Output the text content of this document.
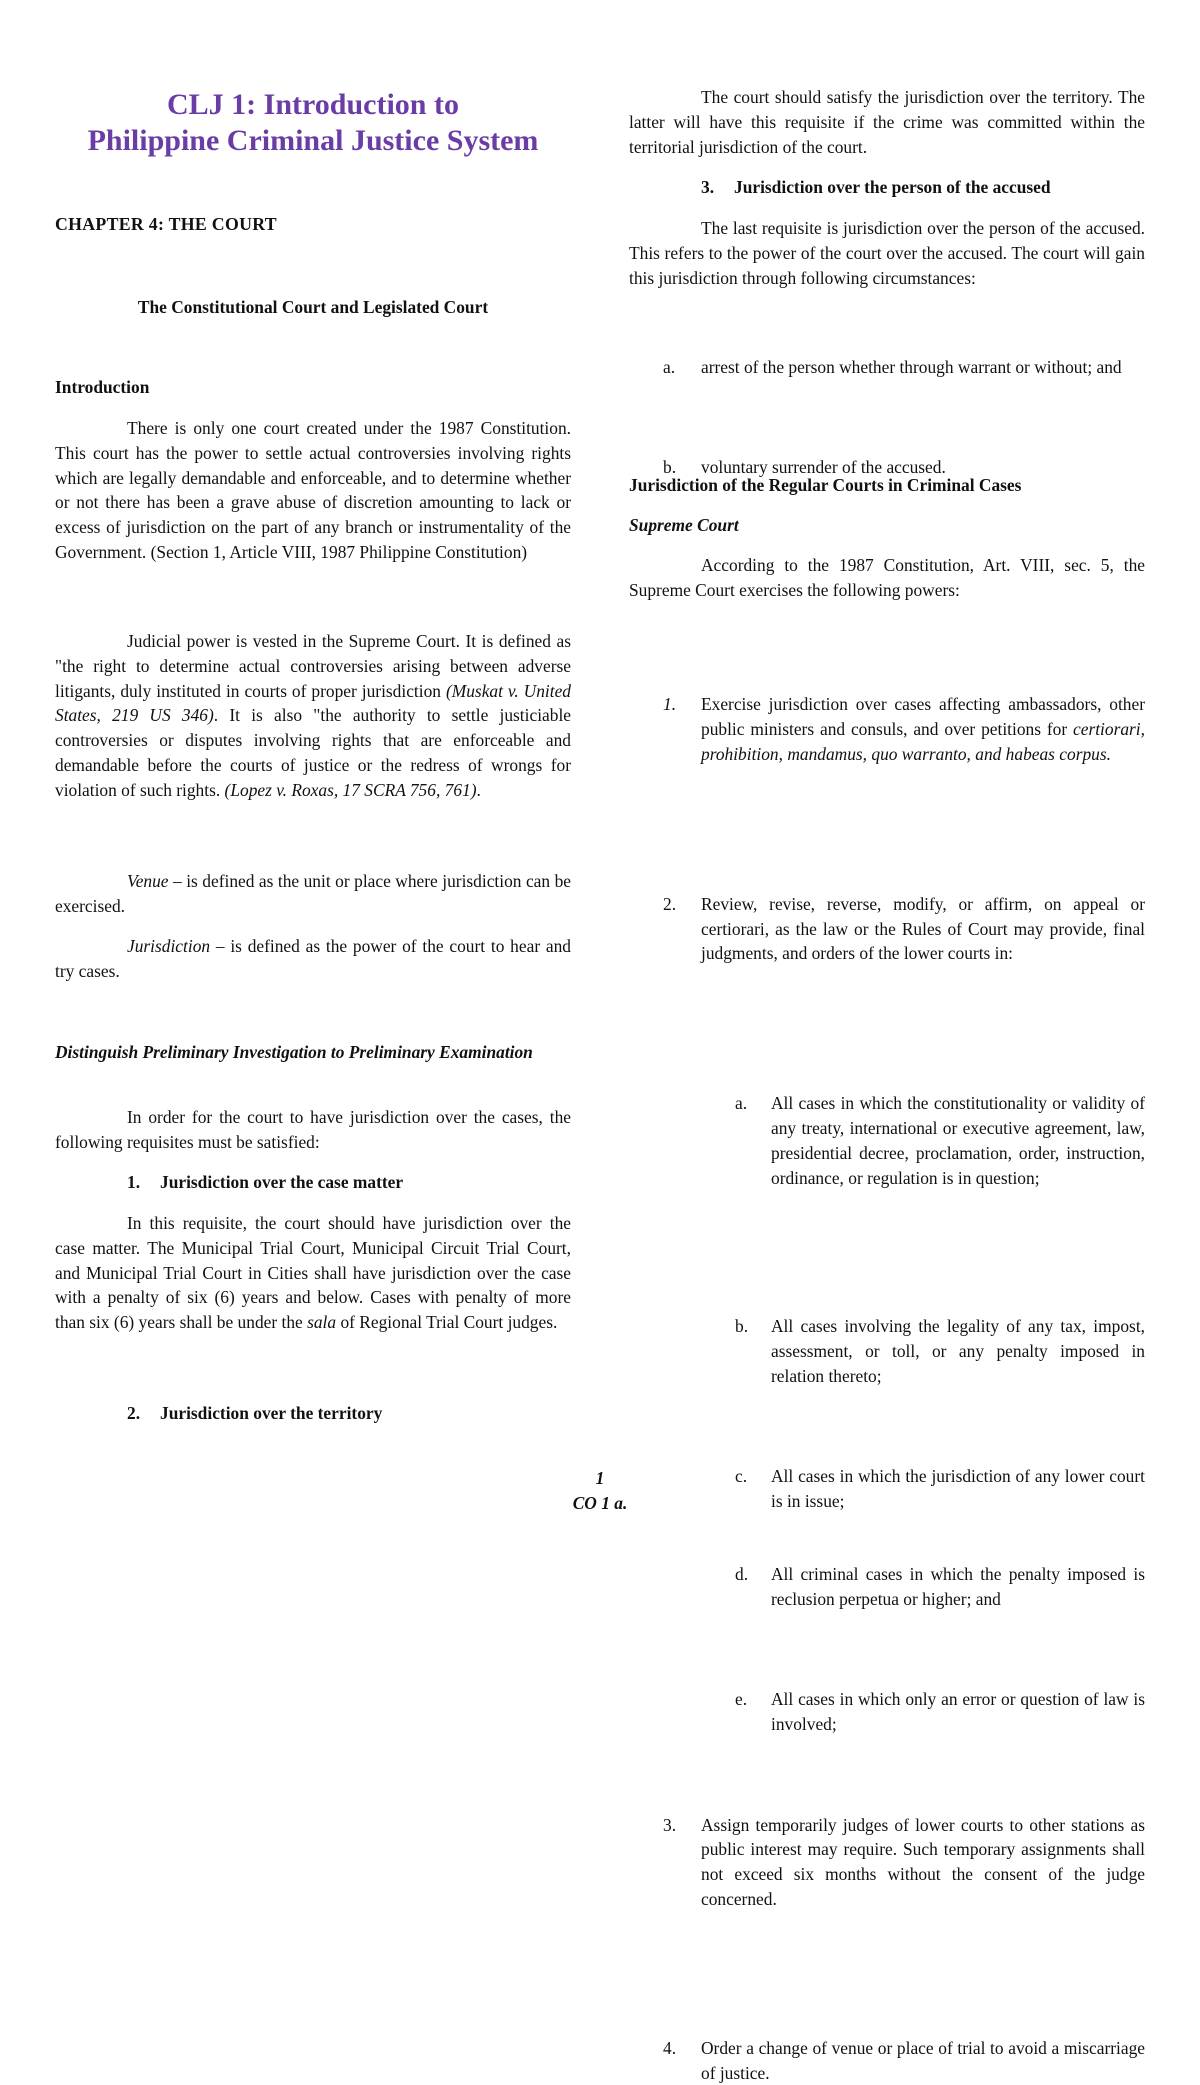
CLJ 1: Introduction to
Philippine Criminal Justice System
CHAPTER 4: THE COURT
The Constitutional Court and Legislated Court
Introduction

There is only one court created under the 1987 Constitution. This court has the power to settle actual controversies involving rights which are legally demandable and enforceable, and to determine whether or not there has been a grave abuse of discretion amounting to lack or excess of jurisdiction on the part of any branch or instrumentality of the Government. (Section 1, Article VIII, 1987 Philippine Constitution)

Judicial power is vested in the Supreme Court. It is defined as "the right to determine actual controversies arising between adverse litigants, duly instituted in courts of proper jurisdiction (Muskat v. United States, 219 US 346). It is also "the authority to settle justiciable controversies or disputes involving rights that are enforceable and demandable before the courts of justice or the redress of wrongs for violation of such rights. (Lopez v. Roxas, 17 SCRA 756, 761).

Venue – is defined as the unit or place where jurisdiction can be exercised.

Jurisdiction – is defined as the power of the court to hear and try cases.

Distinguish Preliminary Investigation to Preliminary Examination

In order for the court to have jurisdiction over the cases, the following requisites must be satisfied:

1. Jurisdiction over the case matter

In this requisite, the court should have jurisdiction over the case matter. The Municipal Trial Court, Municipal Circuit Trial Court, and Municipal Trial Court in Cities shall have jurisdiction over the case with a penalty of six (6) years and below. Cases with penalty of more than six (6) years shall be under the sala of Regional Trial Court judges.

2. Jurisdiction over the territory

The court should satisfy the jurisdiction over the territory. The latter will have this requisite if the crime was committed within the territorial jurisdiction of the court.

3. Jurisdiction over the person of the accused

The last requisite is jurisdiction over the person of the accused. This refers to the power of the court over the accused. The court will gain this jurisdiction through following circumstances:

a. arrest of the person whether through warrant or without; and
b. voluntary surrender of the accused.
Jurisdiction of the Regular Courts in Criminal Cases

Supreme Court

According to the 1987 Constitution, Art. VIII, sec. 5, the Supreme Court exercises the following powers:

1. Exercise jurisdiction over cases affecting ambassadors, other public ministers and consuls, and over petitions for certiorari, prohibition, mandamus, quo warranto, and habeas corpus.
2. Review, revise, reverse, modify, or affirm, on appeal or certiorari, as the law or the Rules of Court may provide, final judgments, and orders of the lower courts in:
a. All cases in which the constitutionality or validity of any treaty, international or executive agreement, law, presidential decree, proclamation, order, instruction, ordinance, or regulation is in question;
b. All cases involving the legality of any tax, impost, assessment, or toll, or any penalty imposed in relation thereto;
c. All cases in which the jurisdiction of any lower court is in issue;
d. All criminal cases in which the penalty imposed is reclusion perpetua or higher; and
e. All cases in which only an error or question of law is involved;
3. Assign temporarily judges of lower courts to other stations as public interest may require. Such temporary assignments shall not exceed six months without the consent of the judge concerned.
4. Order a change of venue or place of trial to avoid a miscarriage of justice.
1
CO 1 a.
